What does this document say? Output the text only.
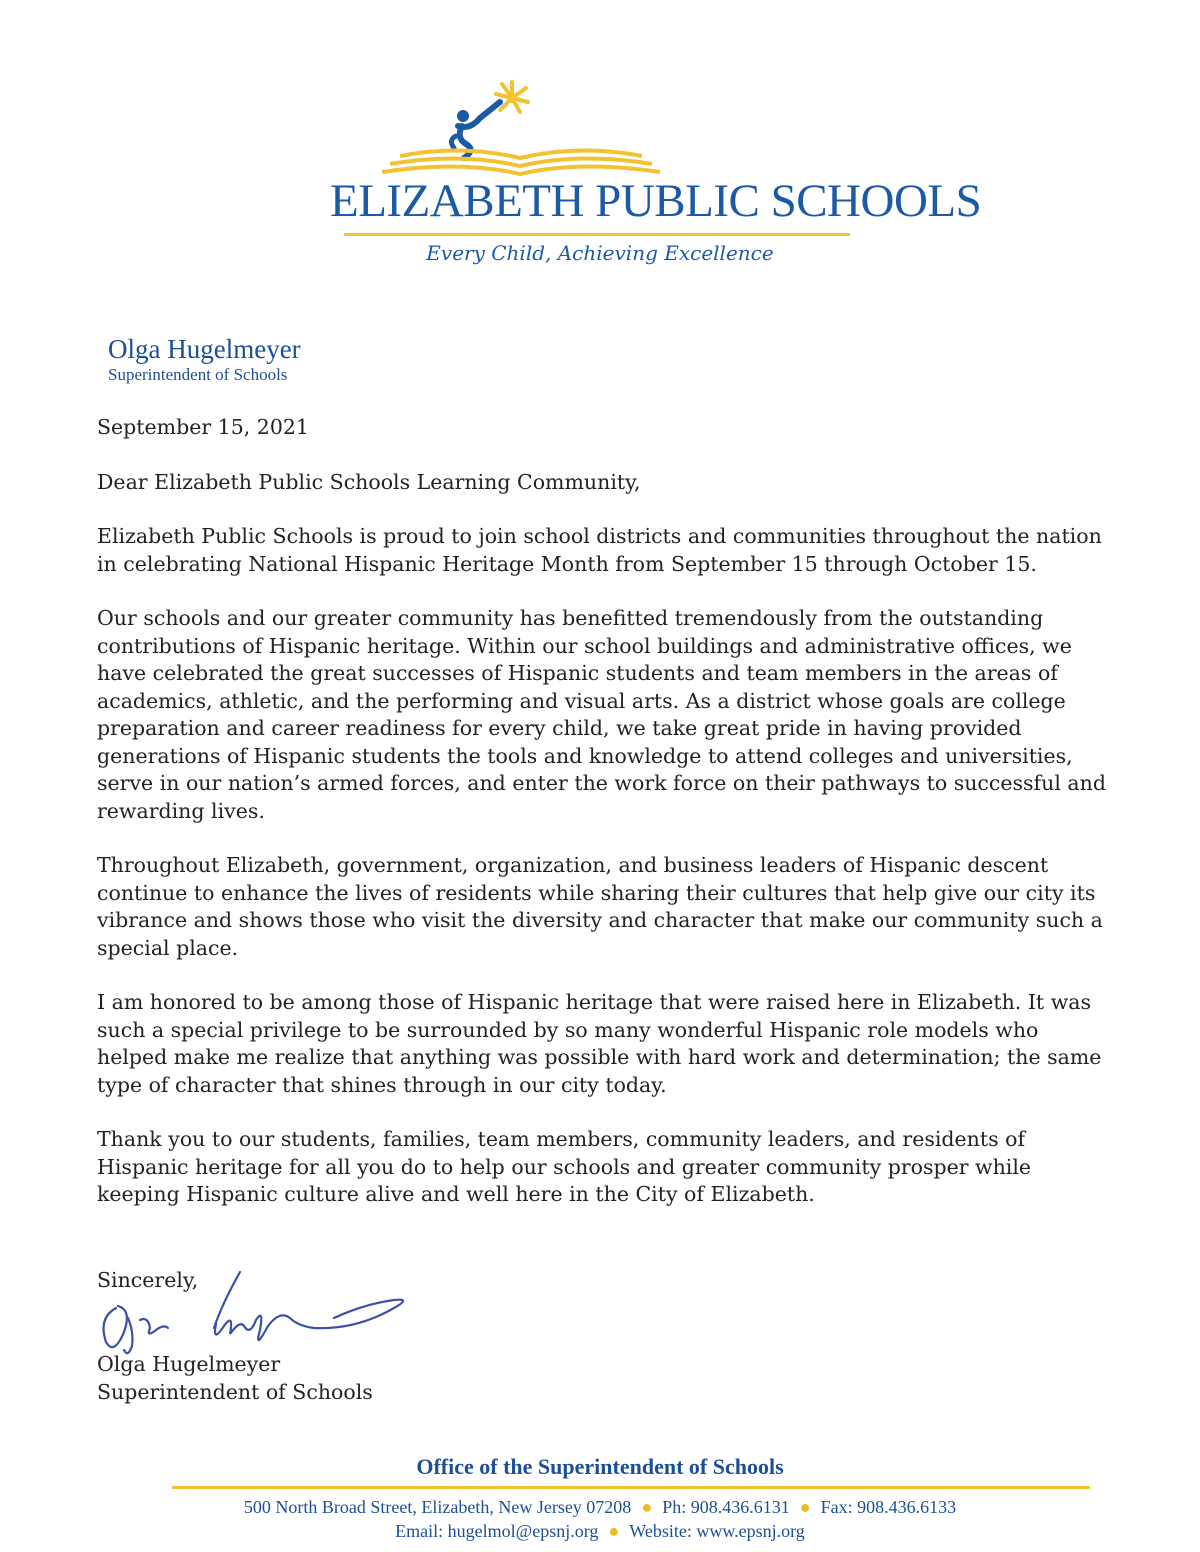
ELIZABETH PUBLIC SCHOOLS
Every Child, Achieving Excellence
Olga Hugelmeyer
Superintendent of Schools

September 15, 2021

Dear Elizabeth Public Schools Learning Community,

Elizabeth Public Schools is proud to join school districts and communities throughout the nation in celebrating National Hispanic Heritage Month from September 15 through October 15.

Our schools and our greater community has benefitted tremendously from the outstanding contributions of Hispanic heritage. Within our school buildings and administrative offices, we have celebrated the great successes of Hispanic students and team members in the areas of academics, athletic, and the performing and visual arts. As a district whose goals are college preparation and career readiness for every child, we take great pride in having provided generations of Hispanic students the tools and knowledge to attend colleges and universities, serve in our nation’s armed forces, and enter the work force on their pathways to successful and rewarding lives.

Throughout Elizabeth, government, organization, and business leaders of Hispanic descent continue to enhance the lives of residents while sharing their cultures that help give our city its vibrance and shows those who visit the diversity and character that make our community such a special place.

I am honored to be among those of Hispanic heritage that were raised here in Elizabeth. It was such a special privilege to be surrounded by so many wonderful Hispanic role models who helped make me realize that anything was possible with hard work and determination; the same type of character that shines through in our city today.

Thank you to our students, families, team members, community leaders, and residents of Hispanic heritage for all you do to help our schools and greater community prosper while keeping Hispanic culture alive and well here in the City of Elizabeth.

Sincerely,
Olga Hugelmeyer
Superintendent of Schools
Office of the Superintendent of Schools
500 North Broad Street, Elizabeth, New Jersey 07208 ● Ph: 908.436.6131 ● Fax: 908.436.6133
Email: hugelmol@epsnj.org ● Website: www.epsnj.org
